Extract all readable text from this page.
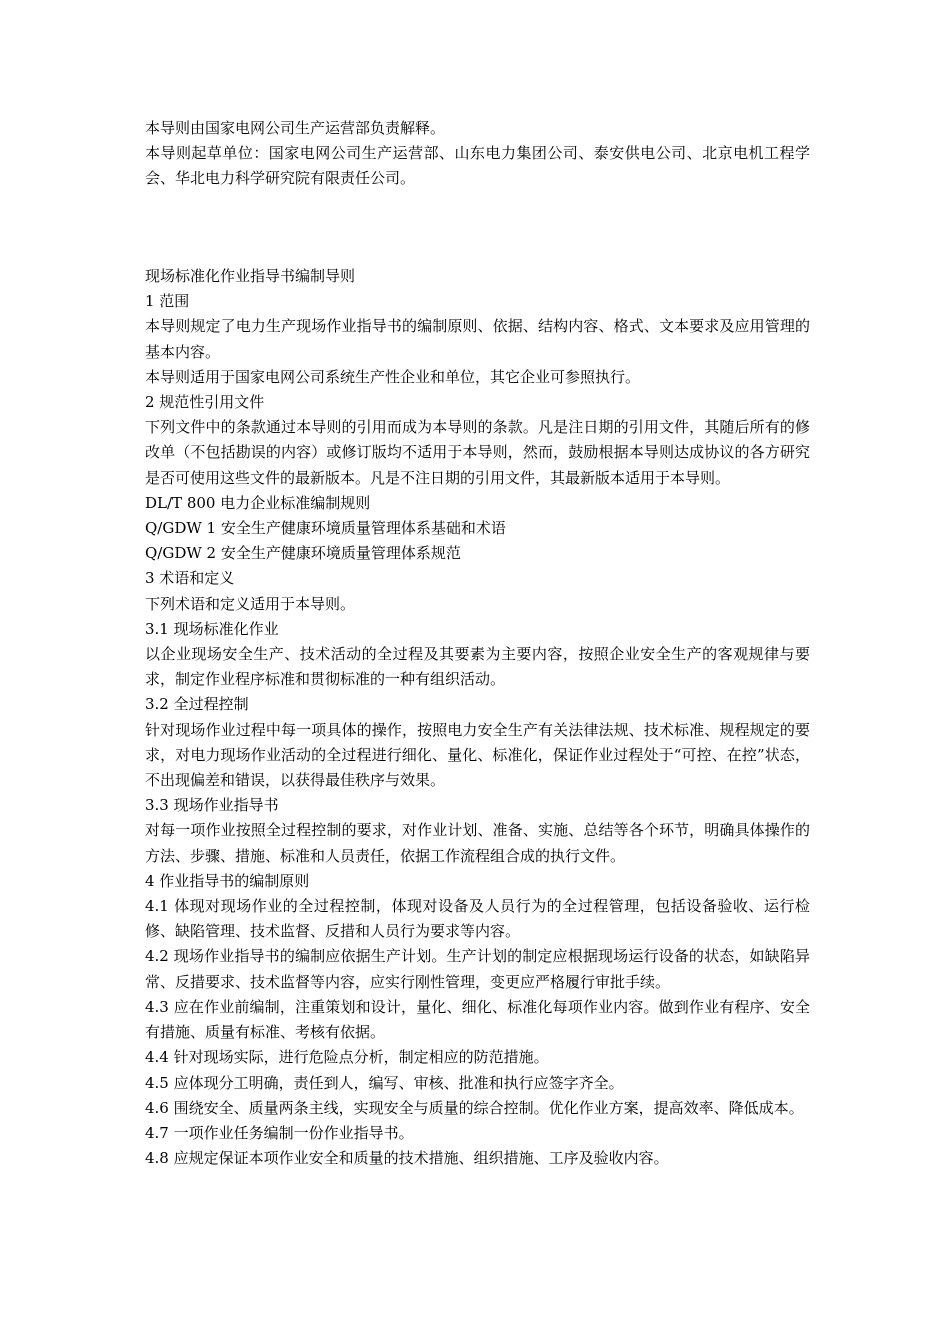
本导则由国家电网公司生产运营部负责解释。

本导则起草单位：国家电网公司生产运营部、山东电力集团公司、泰安供电公司、北京电机工程学会、华北电力科学研究院有限责任公司。

现场标准化作业指导书编制导则

1 范围

本导则规定了电力生产现场作业指导书的编制原则、依据、结构内容、格式、文本要求及应用管理的基本内容。

本导则适用于国家电网公司系统生产性企业和单位，其它企业可参照执行。

2 规范性引用文件

下列文件中的条款通过本导则的引用而成为本导则的条款。凡是注日期的引用文件，其随后所有的修改单（不包括勘误的内容）或修订版均不适用于本导则，然而，鼓励根据本导则达成协议的各方研究是否可使用这些文件的最新版本。凡是不注日期的引用文件，其最新版本适用于本导则。

DL/T 800 电力企业标准编制规则

Q/GDW 1 安全生产健康环境质量管理体系基础和术语

Q/GDW 2 安全生产健康环境质量管理体系规范

3 术语和定义

下列术语和定义适用于本导则。

3.1 现场标准化作业

以企业现场安全生产、技术活动的全过程及其要素为主要内容，按照企业安全生产的客观规律与要求，制定作业程序标准和贯彻标准的一种有组织活动。

3.2 全过程控制

针对现场作业过程中每一项具体的操作，按照电力安全生产有关法律法规、技术标准、规程规定的要求，对电力现场作业活动的全过程进行细化、量化、标准化，保证作业过程处于“可控、在控”状态，不出现偏差和错误，以获得最佳秩序与效果。

3.3 现场作业指导书

对每一项作业按照全过程控制的要求，对作业计划、准备、实施、总结等各个环节，明确具体操作的方法、步骤、措施、标准和人员责任，依据工作流程组合成的执行文件。

4 作业指导书的编制原则

4.1 体现对现场作业的全过程控制，体现对设备及人员行为的全过程管理，包括设备验收、运行检修、缺陷管理、技术监督、反措和人员行为要求等内容。

4.2 现场作业指导书的编制应依据生产计划。生产计划的制定应根据现场运行设备的状态，如缺陷异常、反措要求、技术监督等内容，应实行刚性管理，变更应严格履行审批手续。

4.3 应在作业前编制，注重策划和设计，量化、细化、标准化每项作业内容。做到作业有程序、安全有措施、质量有标准、考核有依据。

4.4 针对现场实际，进行危险点分析，制定相应的防范措施。

4.5 应体现分工明确，责任到人，编写、审核、批准和执行应签字齐全。

4.6 围绕安全、质量两条主线，实现安全与质量的综合控制。优化作业方案，提高效率、降低成本。

4.7 一项作业任务编制一份作业指导书。

4.8 应规定保证本项作业安全和质量的技术措施、组织措施、工序及验收内容。
